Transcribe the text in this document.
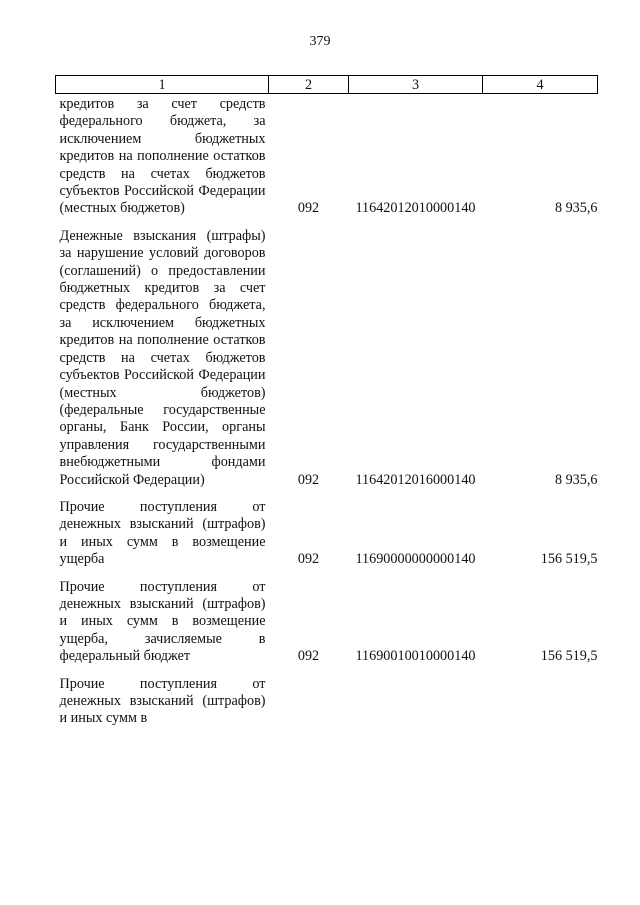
379
1	2	3	4
кредитов за счет средств федерального бюджета, за исключением бюджетных кредитов на пополнение остатков средств на счетах бюджетов субъектов Российской Федерации (местных бюджетов)	092	11642012010000140	8 935,6
Денежные взыскания (штрафы) за нарушение условий договоров (соглашений) о предоставлении бюджетных кредитов за счет средств федерального бюджета, за исключением бюджетных кредитов на пополнение остатков средств на счетах бюджетов субъектов Российской Федерации (местных бюджетов) (федеральные государственные органы, Банк России, органы управления государственными внебюджетными фондами Российской Федерации)	092	11642012016000140	8 935,6
Прочие поступления от денежных взысканий (штрафов) и иных сумм в возмещение ущерба	092	11690000000000140	156 519,5
Прочие поступления от денежных взысканий (штрафов) и иных сумм в возмещение ущерба, зачисляемые в федеральный бюджет	092	11690010010000140	156 519,5
Прочие поступления от денежных взысканий (штрафов) и иных сумм в			
